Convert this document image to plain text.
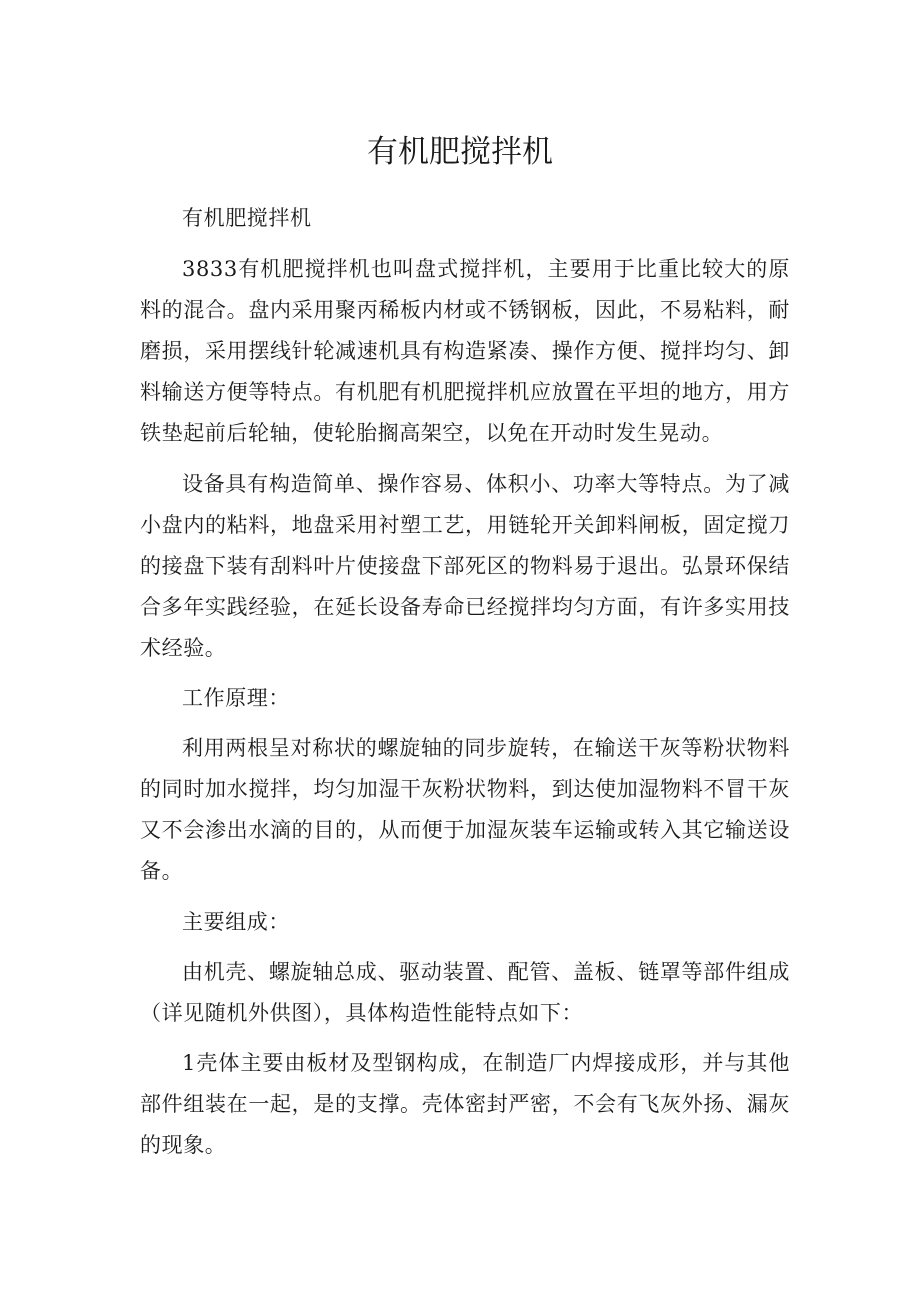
有机肥搅拌机

有机肥搅拌机

3833有机肥搅拌机也叫盘式搅拌机，主要用于比重比较大的原料的混合。盘内采用聚丙稀板内材或不锈钢板，因此，不易粘料，耐磨损，采用摆线针轮减速机具有构造紧凑、操作方便、搅拌均匀、卸料输送方便等特点。有机肥有机肥搅拌机应放置在平坦的地方，用方铁垫起前后轮轴，使轮胎搁高架空，以免在开动时发生晃动。

设备具有构造简单、操作容易、体积小、功率大等特点。为了减小盘内的粘料，地盘采用衬塑工艺，用链轮开关卸料闸板，固定搅刀的接盘下装有刮料叶片使接盘下部死区的物料易于退出。弘景环保结合多年实践经验，在延长设备寿命已经搅拌均匀方面，有许多实用技术经验。

工作原理：

利用两根呈对称状的螺旋轴的同步旋转，在输送干灰等粉状物料的同时加水搅拌，均匀加湿干灰粉状物料，到达使加湿物料不冒干灰又不会渗出水滴的目的，从而便于加湿灰装车运输或转入其它输送设备。

主要组成：

由机壳、螺旋轴总成、驱动装置、配管、盖板、链罩等部件组成（详见随机外供图），具体构造性能特点如下：

1壳体主要由板材及型钢构成，在制造厂内焊接成形，并与其他部件组装在一起，是的支撑。壳体密封严密，不会有飞灰外扬、漏灰的现象。
